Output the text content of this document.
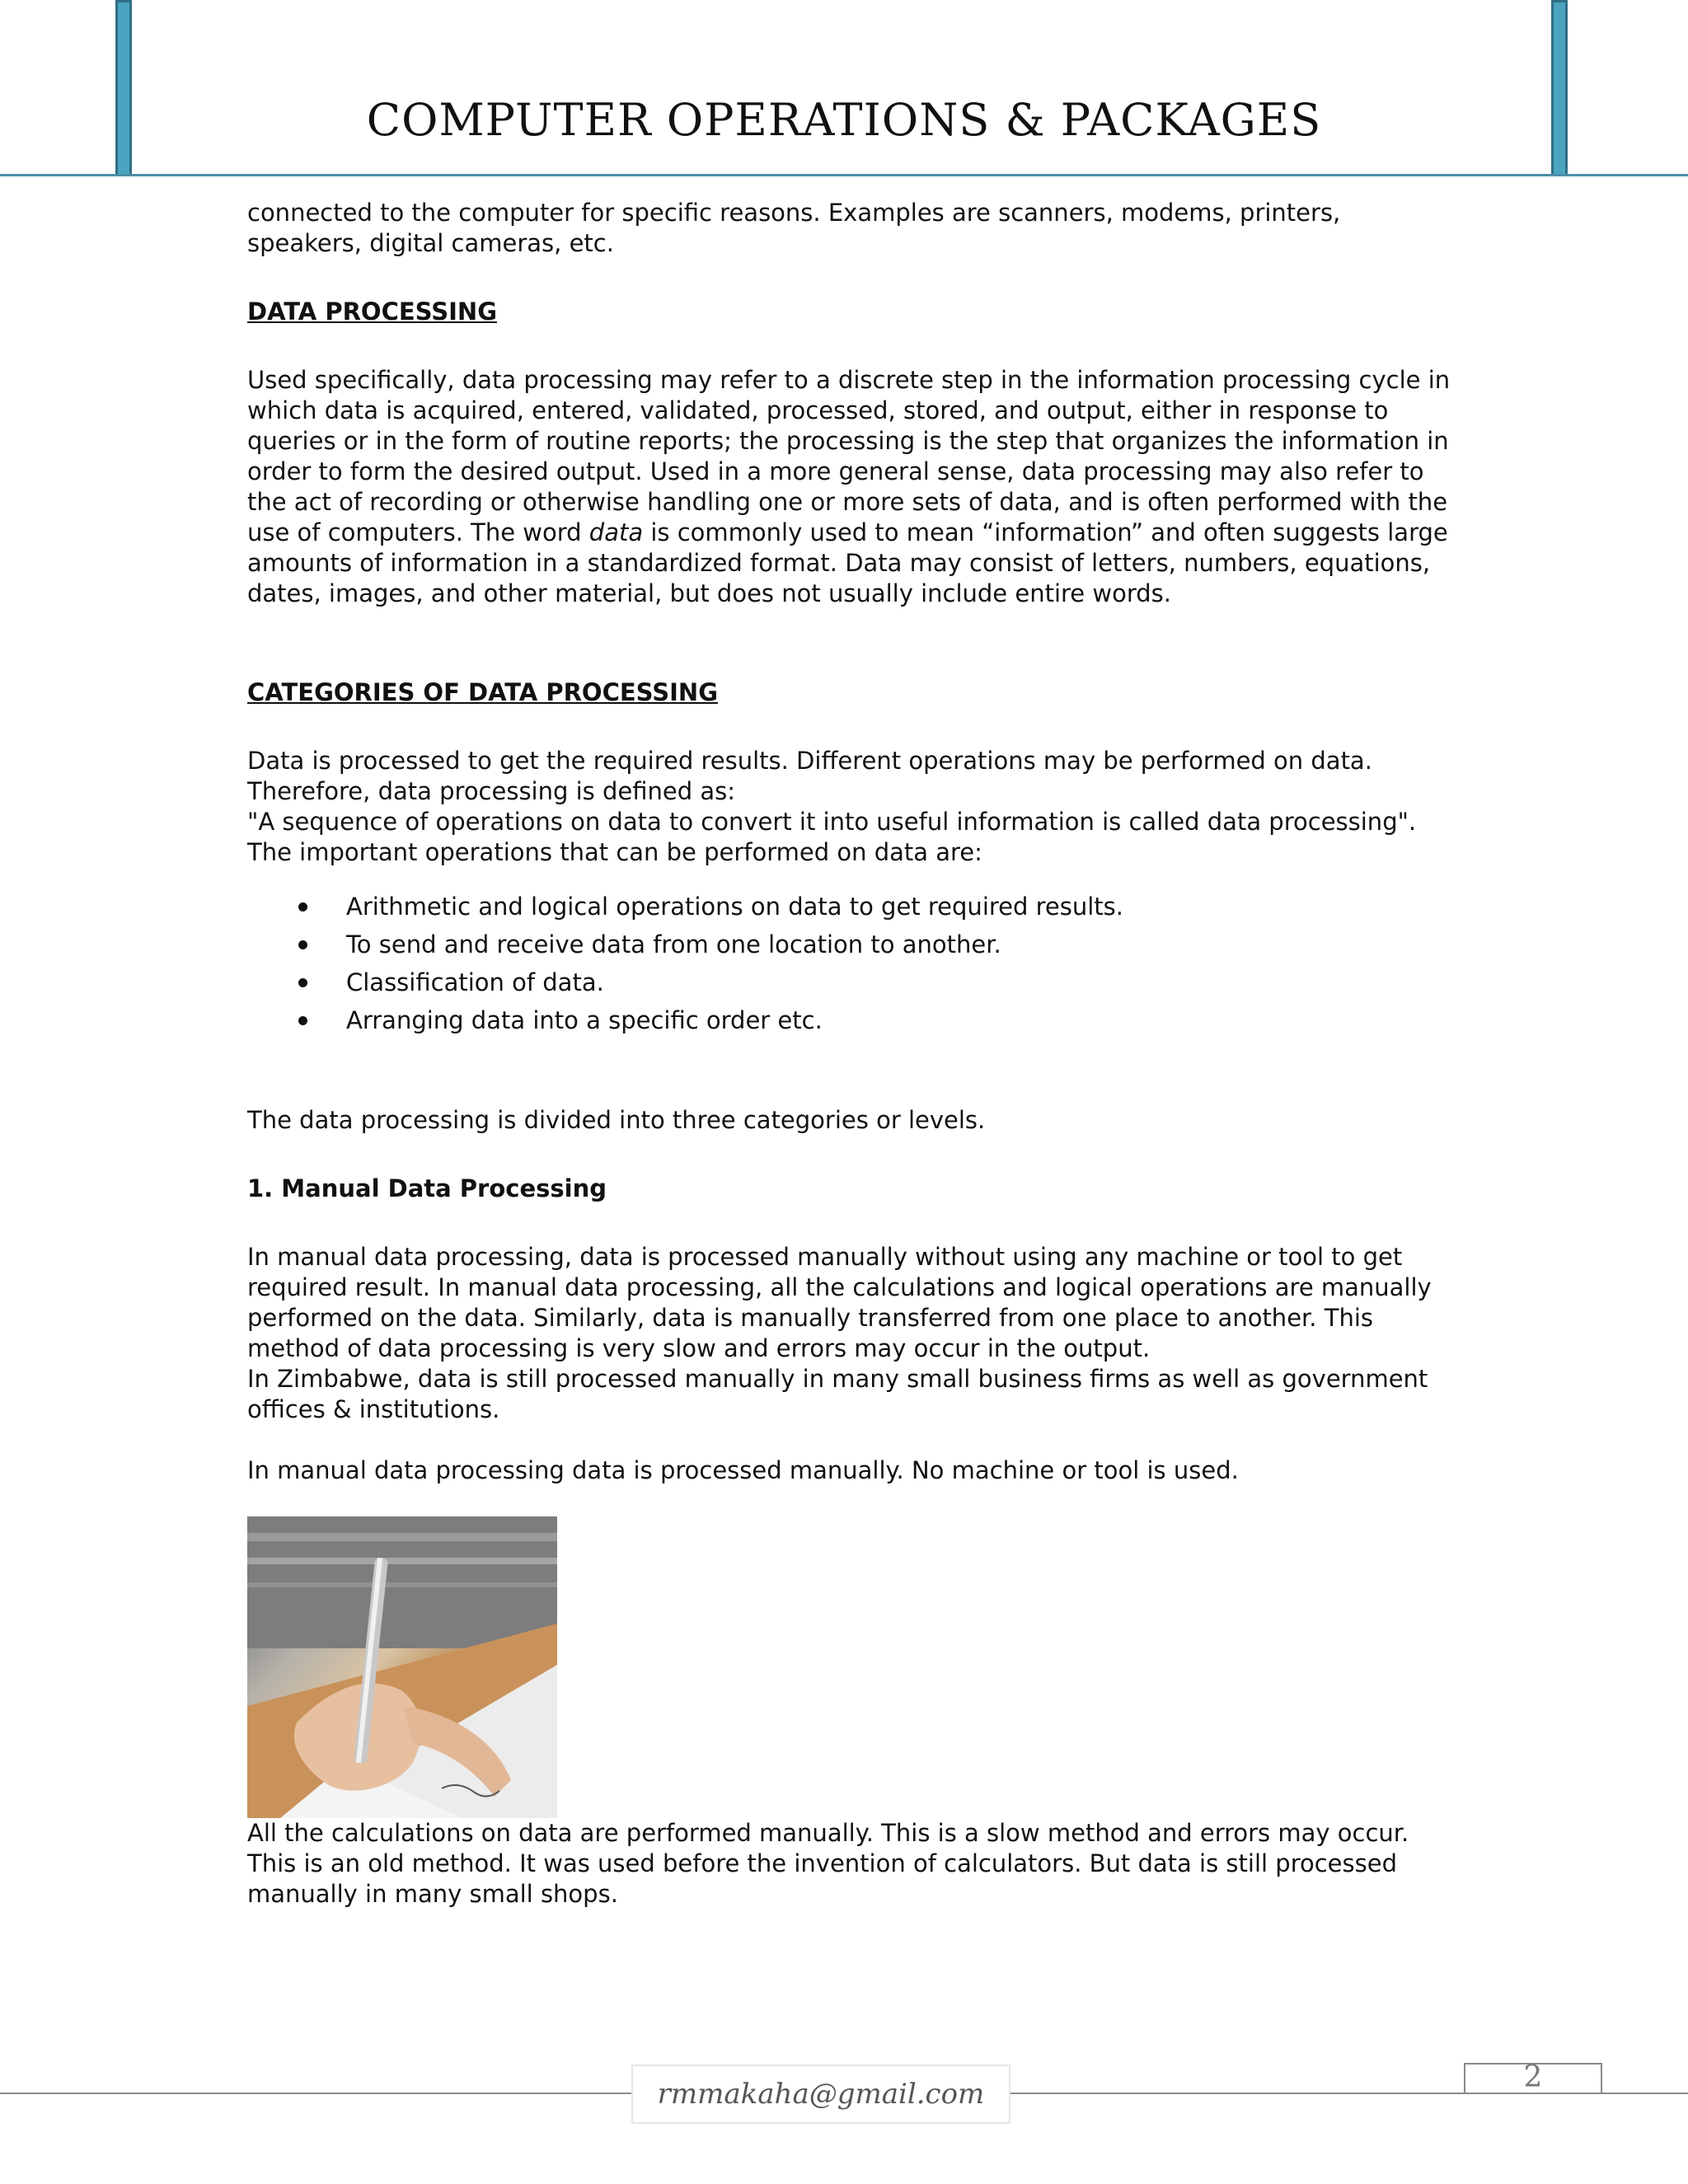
COMPUTER OPERATIONS & PACKAGES

connected to the computer for specific reasons. Examples are scanners, modems, printers, speakers, digital cameras, etc.

DATA PROCESSING

Used specifically, data processing may refer to a discrete step in the information processing cycle in which data is acquired, entered, validated, processed, stored, and output, either in response to queries or in the form of routine reports; the processing is the step that organizes the information in order to form the desired output. Used in a more general sense, data processing may also refer to the act of recording or otherwise handling one or more sets of data, and is often performed with the use of computers. The word data is commonly used to mean “information” and often suggests large amounts of information in a standardized format. Data may consist of letters, numbers, equations, dates, images, and other material, but does not usually include entire words.

CATEGORIES OF DATA PROCESSING

Data is processed to get the required results. Different operations may be performed on data.

Therefore, data processing is defined as:

"A sequence of operations on data to convert it into useful information is called data processing".

The important operations that can be performed on data are:

Arithmetic and logical operations on data to get required results.
To send and receive data from one location to another.
Classification of data.
Arranging data into a specific order etc.

The data processing is divided into three categories or levels.

1. Manual Data Processing

In manual data processing, data is processed manually without using any machine or tool to get

required result. In manual data processing, all the calculations and logical operations are manually

performed on the data. Similarly, data is manually transferred from one place to another. This

method of data processing is very slow and errors may occur in the output.

In Zimbabwe, data is still processed manually in many small business firms as well as government

offices & institutions.

In manual data processing data is processed manually. No machine or tool is used.

All the calculations on data are performed manually. This is a slow method and errors may occur.

This is an old method. It was used before the invention of calculators. But data is still processed

manually in many small shops.

rmmakaha@gmail.com	2
